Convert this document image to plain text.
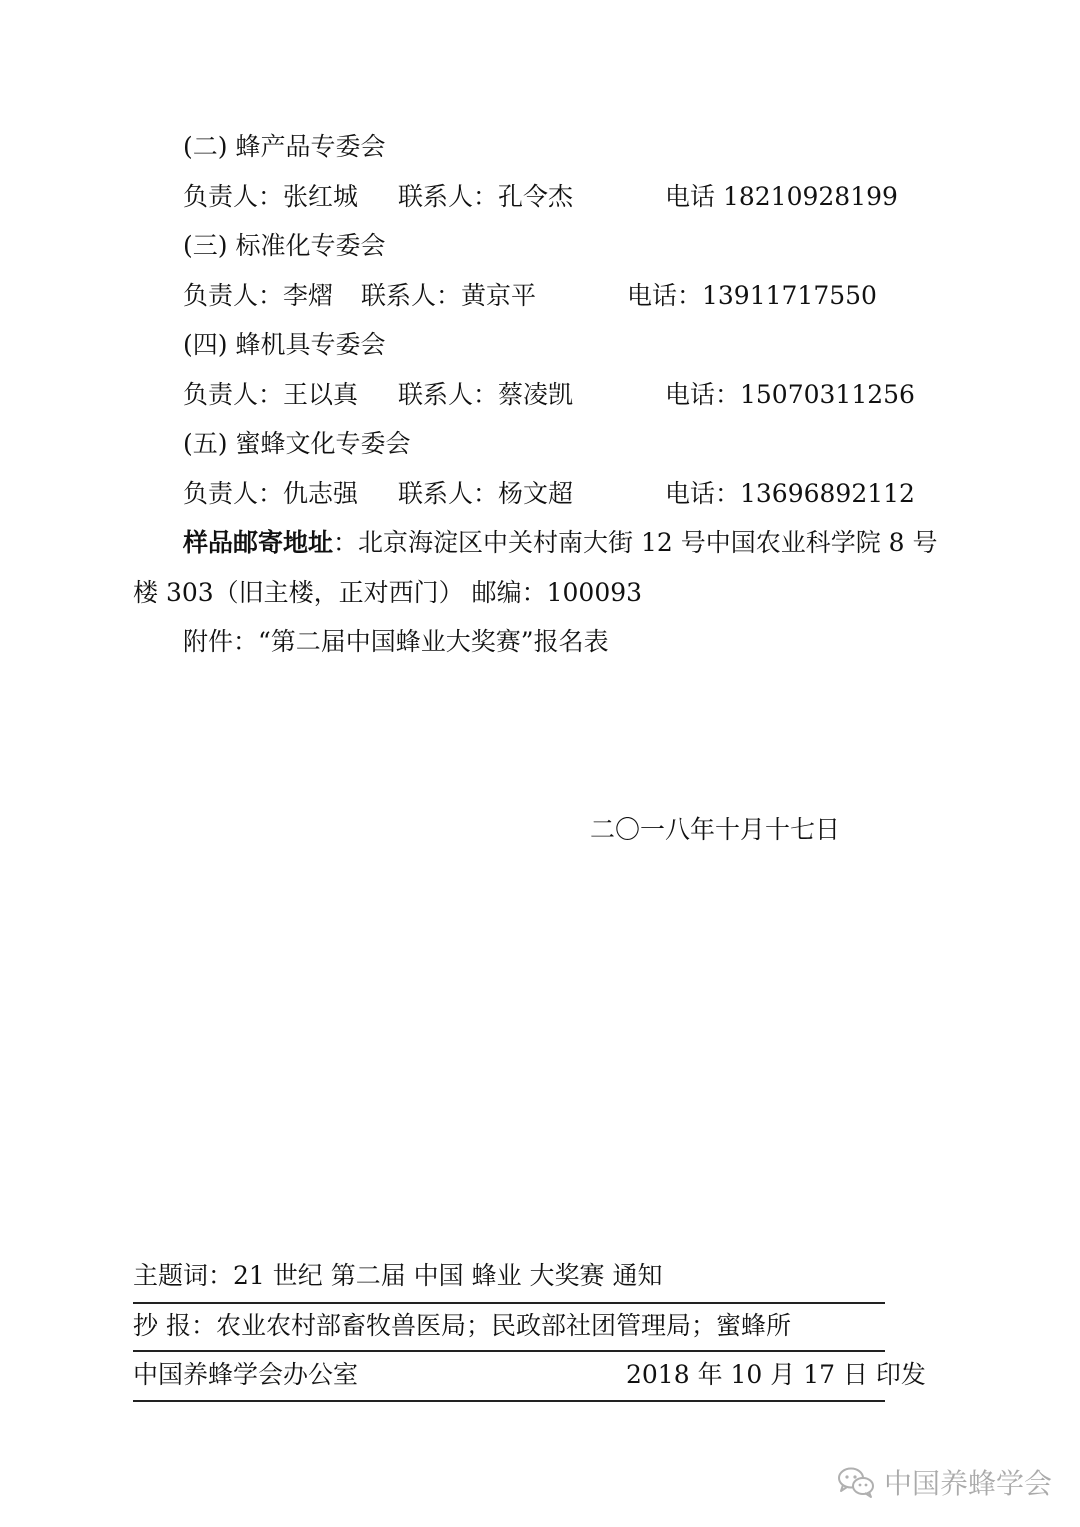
(二) 蜂产品专委会
负责人：张红城 联系人：孔令杰	电话 18210928199
(三) 标准化专委会
负责人：李熠 联系人：黄京平	电话：13911717550
(四) 蜂机具专委会
负责人：王以真 联系人：蔡凌凯	电话：15070311256
(五) 蜜蜂文化专委会
负责人：仇志强 联系人：杨文超	电话：13696892112
样品邮寄地址：北京海淀区中关村南大街 12 号中国农业科学院 8 号
楼 303（旧主楼，正对西门） 邮编：100093
附件：“第二届中国蜂业大奖赛”报名表
二〇一八年十月十七日
主题词：21 世纪 第二届 中国 蜂业 大奖赛 通知
抄 报：农业农村部畜牧兽医局；民政部社团管理局；蜜蜂所
中国养蜂学会办公室	2018 年 10 月 17 日 印发
中国养蜂学会
